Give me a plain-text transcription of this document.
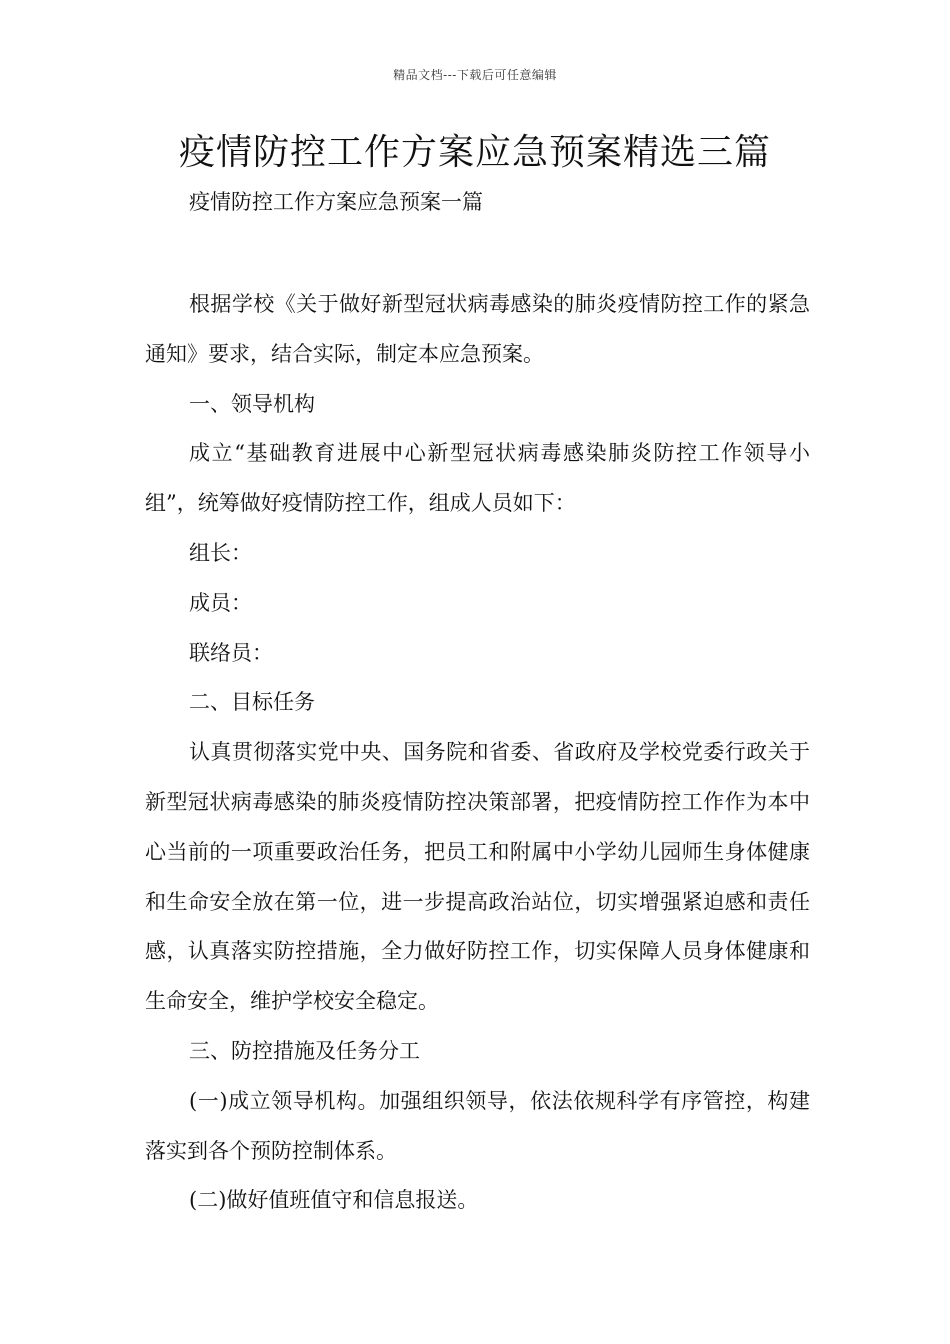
精品文档---下载后可任意编辑
疫情防控工作方案应急预案精选三篇

疫情防控工作方案应急预案一篇

根据学校《关于做好新型冠状病毒感染的肺炎疫情防控工作的紧急通知》要求，结合实际，制定本应急预案。

一、领导机构

成立“基础教育进展中心新型冠状病毒感染肺炎防控工作领导小组”，统筹做好疫情防控工作，组成人员如下：

组长：

成员：

联络员：

二、目标任务

认真贯彻落实党中央、国务院和省委、省政府及学校党委行政关于新型冠状病毒感染的肺炎疫情防控决策部署，把疫情防控工作作为本中心当前的一项重要政治任务，把员工和附属中小学幼儿园师生身体健康和生命安全放在第一位，进一步提高政治站位，切实增强紧迫感和责任感，认真落实防控措施，全力做好防控工作，切实保障人员身体健康和生命安全，维护学校安全稳定。

三、防控措施及任务分工

(一)成立领导机构。加强组织领导，依法依规科学有序管控，构建落实到各个预防控制体系。

(二)做好值班值守和信息报送。
